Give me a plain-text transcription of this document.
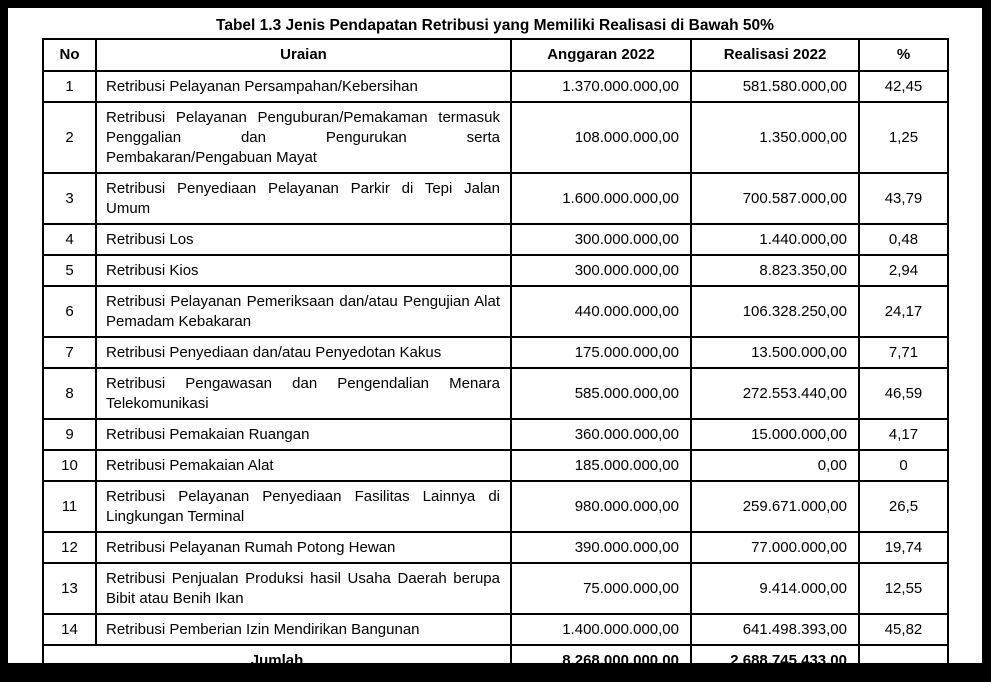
Tabel 1.3 Jenis Pendapatan Retribusi yang Memiliki Realisasi di Bawah 50%
No	Uraian	Anggaran 2022	Realisasi 2022	%
1	Retribusi Pelayanan Persampahan/Kebersihan	1.370.000.000,00	581.580.000,00	42,45
2	Retribusi Pelayanan Penguburan/Pemakaman termasuk Penggalian dan Pengurukan serta Pembakaran/Pengabuan Mayat	108.000.000,00	1.350.000,00	1,25
3	Retribusi Penyediaan Pelayanan Parkir di Tepi Jalan Umum	1.600.000.000,00	700.587.000,00	43,79
4	Retribusi Los	300.000.000,00	1.440.000,00	0,48
5	Retribusi Kios	300.000.000,00	8.823.350,00	2,94
6	Retribusi Pelayanan Pemeriksaan dan/atau Pengujian Alat Pemadam Kebakaran	440.000.000,00	106.328.250,00	24,17
7	Retribusi Penyediaan dan/atau Penyedotan Kakus	175.000.000,00	13.500.000,00	7,71
8	Retribusi Pengawasan dan Pengendalian Menara Telekomunikasi	585.000.000,00	272.553.440,00	46,59
9	Retribusi Pemakaian Ruangan	360.000.000,00	15.000.000,00	4,17
10	Retribusi Pemakaian Alat	185.000.000,00	0,00	0
11	Retribusi Pelayanan Penyediaan Fasilitas Lainnya di Lingkungan Terminal	980.000.000,00	259.671.000,00	26,5
12	Retribusi Pelayanan Rumah Potong Hewan	390.000.000,00	77.000.000,00	19,74
13	Retribusi Penjualan Produksi hasil Usaha Daerah berupa Bibit atau Benih Ikan	75.000.000,00	9.414.000,00	12,55
14	Retribusi Pemberian Izin Mendirikan Bangunan	1.400.000.000,00	641.498.393,00	45,82
Jumlah		8.268.000.000,00	2.688.745.433,00	
